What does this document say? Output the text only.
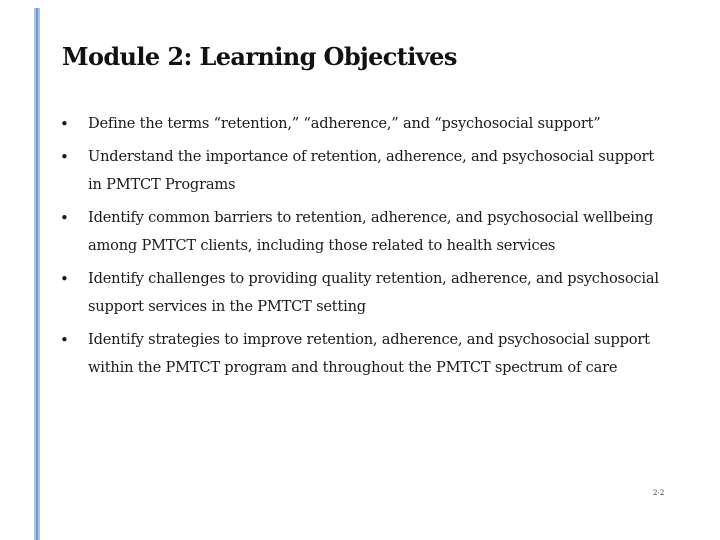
Module 2: Learning Objectives
• Define the terms “retention,” “adherence,” and “psychosocial support”
• Understand the importance of retention, adherence, and psychosocial support in PMTCT Programs
• Identify common barriers to retention, adherence, and psychosocial wellbeing among PMTCT clients, including those related to health services
• Identify challenges to providing quality retention, adherence, and psychosocial support services in the PMTCT setting
• Identify strategies to improve retention, adherence, and psychosocial support within the PMTCT program and throughout the PMTCT spectrum of care
2-2
